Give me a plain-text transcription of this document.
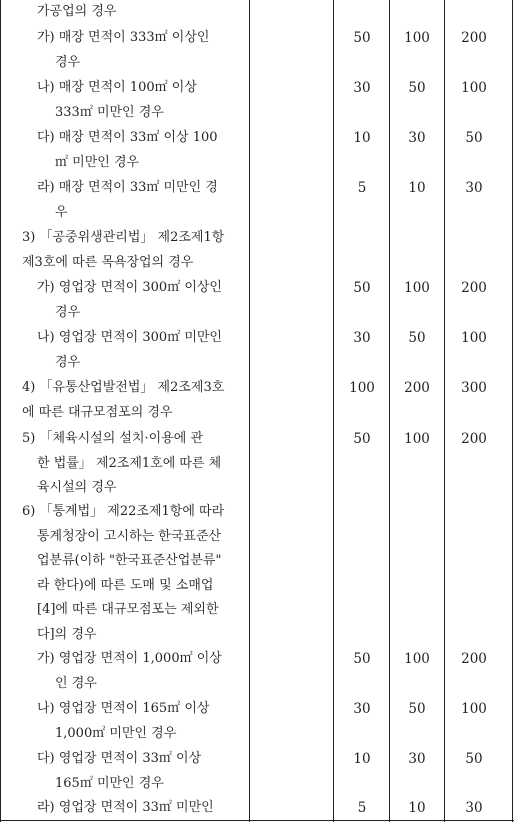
가공업의 경우
가) 매장 면적이 333㎡ 이상인
경우
50	100	200
나) 매장 면적이 100㎡ 이상
333㎡ 미만인 경우
30	50	100
다) 매장 면적이 33㎡ 이상 100
㎡ 미만인 경우
10	30	50
라) 매장 면적이 33㎡ 미만인 경
우
5	10	30
3) 「공중위생관리법」 제2조제1항
제3호에 따른 목욕장업의 경우
가) 영업장 면적이 300㎡ 이상인
경우
50	100	200
나) 영업장 면적이 300㎡ 미만인
경우
30	50	100
4) 「유통산업발전법」 제2조제3호
에 따른 대규모점포의 경우
100	200	300
5) 「체육시설의 설치·이용에 관
한 법률」 제2조제1호에 따른 체
육시설의 경우
50	100	200
6) 「통계법」 제22조제1항에 따라
통계청장이 고시하는 한국표준산
업분류(이하 "한국표준산업분류"
라 한다)에 따른 도매 및 소매업
[4]에 따른 대규모점포는 제외한
다]의 경우
가) 영업장 면적이 1,000㎡ 이상
인 경우
50	100	200
나) 영업장 면적이 165㎡ 이상
1,000㎡ 미만인 경우
30	50	100
다) 영업장 면적이 33㎡ 이상
165㎡ 미만인 경우
10	30	50
라) 영업장 면적이 33㎡ 미만인	5	10	30
